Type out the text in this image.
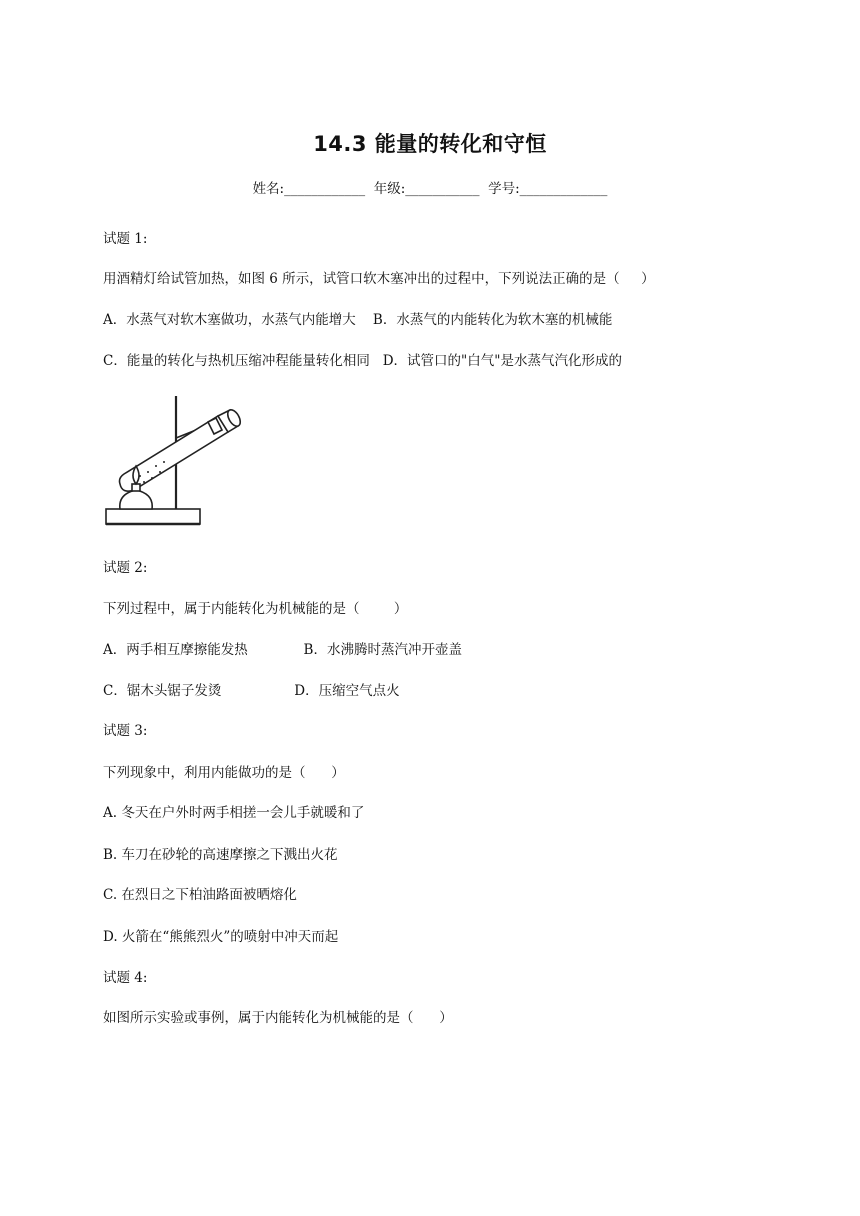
14.3 能量的转化和守恒
姓名:____________ 年级:___________ 学号:_____________
试题 1:
用酒精灯给试管加热，如图 6 所示，试管口软木塞冲出的过程中，下列说法正确的是（     ）
A．水蒸气对软木塞做功，水蒸气内能增大    B．水蒸气的内能转化为软木塞的机械能
C．能量的转化与热机压缩冲程能量转化相同   D．试管口的"白气"是水蒸气汽化形成的
试题 2:
下列过程中，属于内能转化为机械能的是（        ）
A．两手相互摩擦能发热             B．水沸腾时蒸汽冲开壶盖
C．锯木头锯子发烫                 D．压缩空气点火
试题 3:
下列现象中，利用内能做功的是（      ）
A. 冬天在户外时两手相搓一会儿手就暖和了
B. 车刀在砂轮的高速摩擦之下溅出火花
C. 在烈日之下柏油路面被晒熔化
D. 火箭在“熊熊烈火”的喷射中冲天而起
试题 4:
如图所示实验或事例，属于内能转化为机械能的是（      ）
